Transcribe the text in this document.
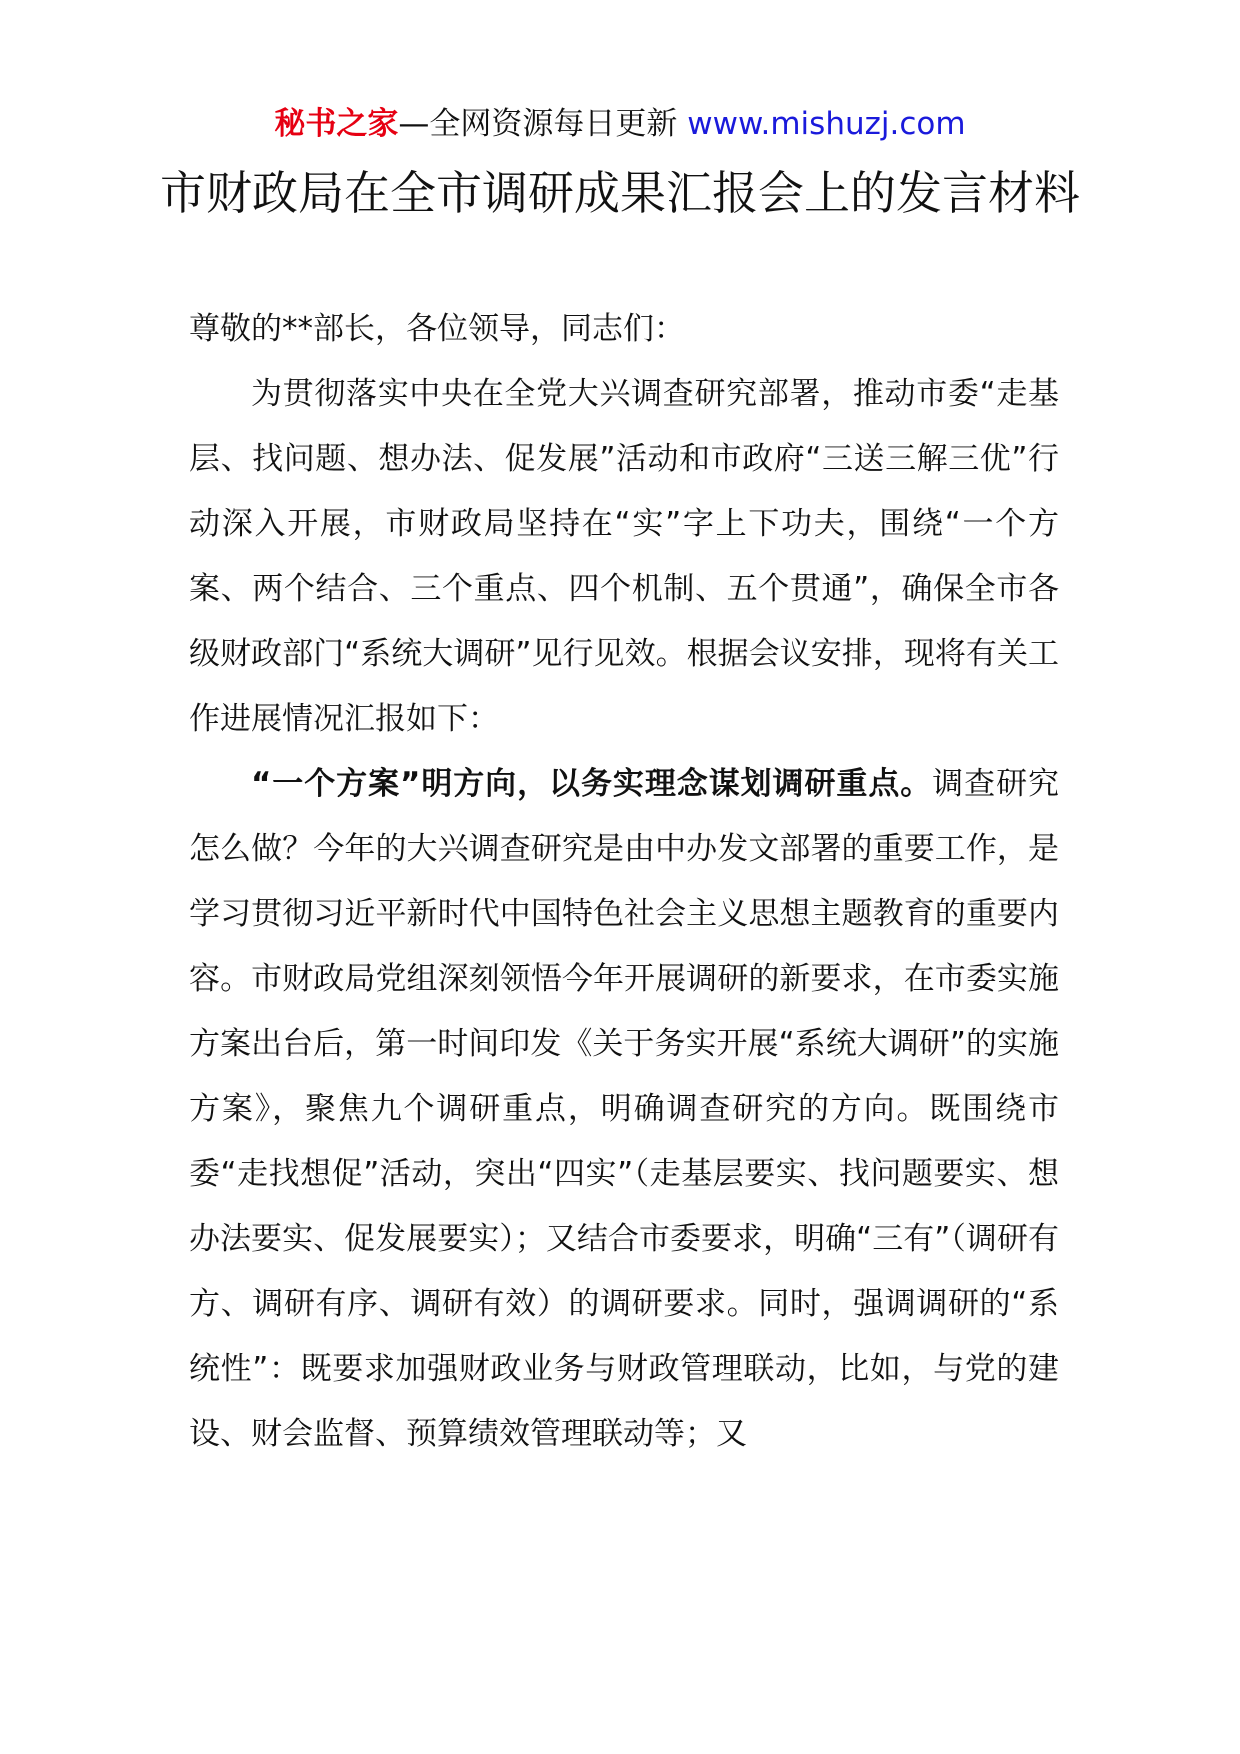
秘书之家—全网资源每日更新 www.mishuzj.com
市财政局在全市调研成果汇报会上的发言材料

尊敬的**部长，各位领导，同志们：

为贯彻落实中央在全党大兴调查研究部署，推动市委“走基层、找问题、想办法、促发展”活动和市政府“三送三解三优”行动深入开展，市财政局坚持在“实”字上下功夫，围绕“一个方案、两个结合、三个重点、四个机制、五个贯通”，确保全市各级财政部门“系统大调研”见行见效。根据会议安排，现将有关工作进展情况汇报如下：

“一个方案”明方向，以务实理念谋划调研重点。调查研究怎么做？今年的大兴调查研究是由中办发文部署的重要工作，是学习贯彻习近平新时代中国特色社会主义思想主题教育的重要内容。市财政局党组深刻领悟今年开展调研的新要求，在市委实施方案出台后，第一时间印发《关于务实开展“系统大调研”的实施方案》，聚焦九个调研重点，明确调查研究的方向。既围绕市委“走找想促”活动，突出“四实”（走基层要实、找问题要实、想办法要实、促发展要实）；又结合市委要求，明确“三有”（调研有方、调研有序、调研有效）的调研要求。同时，强调调研的“系统性”：既要求加强财政业务与财政管理联动，比如，与党的建设、财会监督、预算绩效管理联动等；又
